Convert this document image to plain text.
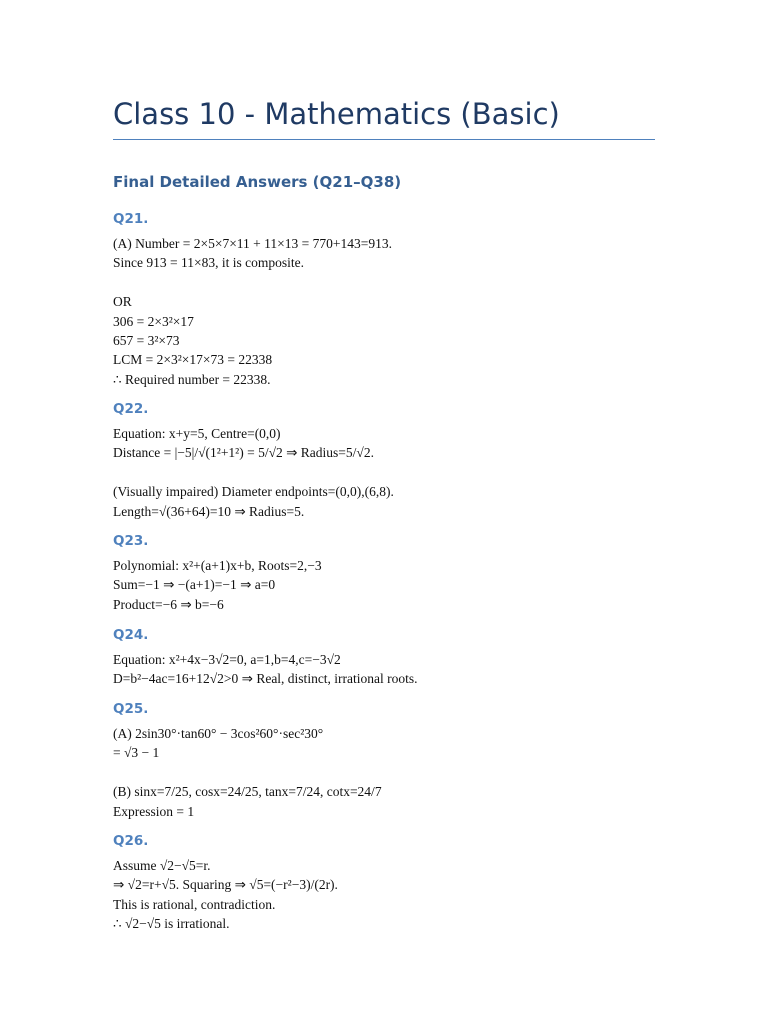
Class 10 - Mathematics (Basic)
Final Detailed Answers (Q21–Q38)
Q21.
(A) Number = 2×5×7×11 + 11×13 = 770+143=913.
Since 913 = 11×83, it is composite.
OR
306 = 2×3²×17
657 = 3²×73
LCM = 2×3²×17×73 = 22338
∴ Required number = 22338.
Q22.
Equation: x+y=5, Centre=(0,0)
Distance = |−5|/√(1²+1²) = 5/√2 ⇒ Radius=5/√2.
(Visually impaired) Diameter endpoints=(0,0),(6,8).
Length=√(36+64)=10 ⇒ Radius=5.
Q23.
Polynomial: x²+(a+1)x+b, Roots=2,−3
Sum=−1 ⇒ −(a+1)=−1 ⇒ a=0
Product=−6 ⇒ b=−6
Q24.
Equation: x²+4x−3√2=0, a=1,b=4,c=−3√2
D=b²−4ac=16+12√2>0 ⇒ Real, distinct, irrational roots.
Q25.
(A) 2sin30°·tan60° − 3cos²60°·sec²30°
= √3 − 1
(B) sinx=7/25, cosx=24/25, tanx=7/24, cotx=24/7
Expression = 1
Q26.
Assume √2−√5=r.
⇒ √2=r+√5. Squaring ⇒ √5=(−r²−3)/(2r).
This is rational, contradiction.
∴ √2−√5 is irrational.
